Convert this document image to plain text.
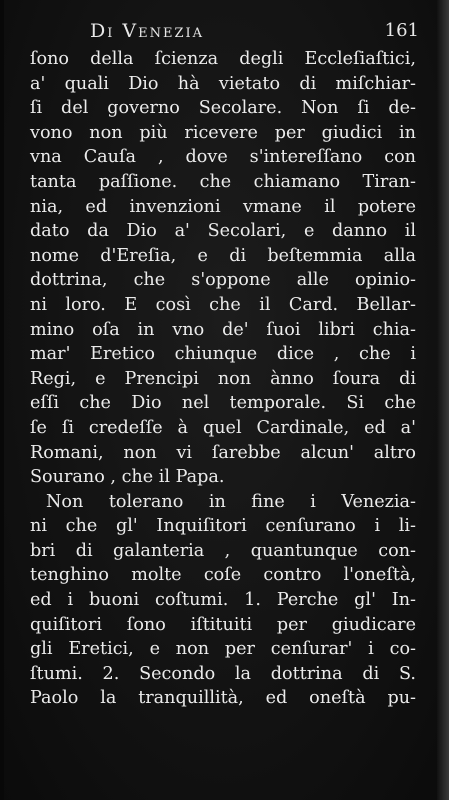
Di Venezia	161
ſono della ſcienza degli Eccleſiaſtici,
a' quali Dio hà vietato di miſchiar-
ſi del governo Secolare. Non ſi de-
vono non più ricevere per giudici in
vna Cauſa , dove s'intereſſano con
tanta paſſione. che chiamano Tiran-
nia, ed invenzioni vmane il potere
dato da Dio a' Secolari, e danno il
nome d'Ereſia, e di beſtemmia alla
dottrina, che s'oppone alle opinio-
ni loro. E così che il Card. Bellar-
mino oſa in vno de' ſuoi libri chia-
mar' Eretico chiunque dice , che i
Regi, e Prencipi non ànno ſoura di
eſſi che Dio nel temporale. Si che
ſe ſi credeſſe à quel Cardinale, ed a'
Romani, non vi ſarebbe alcun' altro
Sourano , che il Papa.
Non tolerano in fine i Venezia-
ni che gl' Inquiſitori cenſurano i li-
bri di galanteria , quantunque con-
tenghino molte coſe contro l'oneſtà,
ed i buoni coſtumi. 1. Perche gl' In-
quiſitori ſono iſtituiti per giudicare
gli Eretici, e non per cenſurar' i co-
ſtumi. 2. Secondo la dottrina di S.
Paolo la tranquillità, ed oneſtà pu-
